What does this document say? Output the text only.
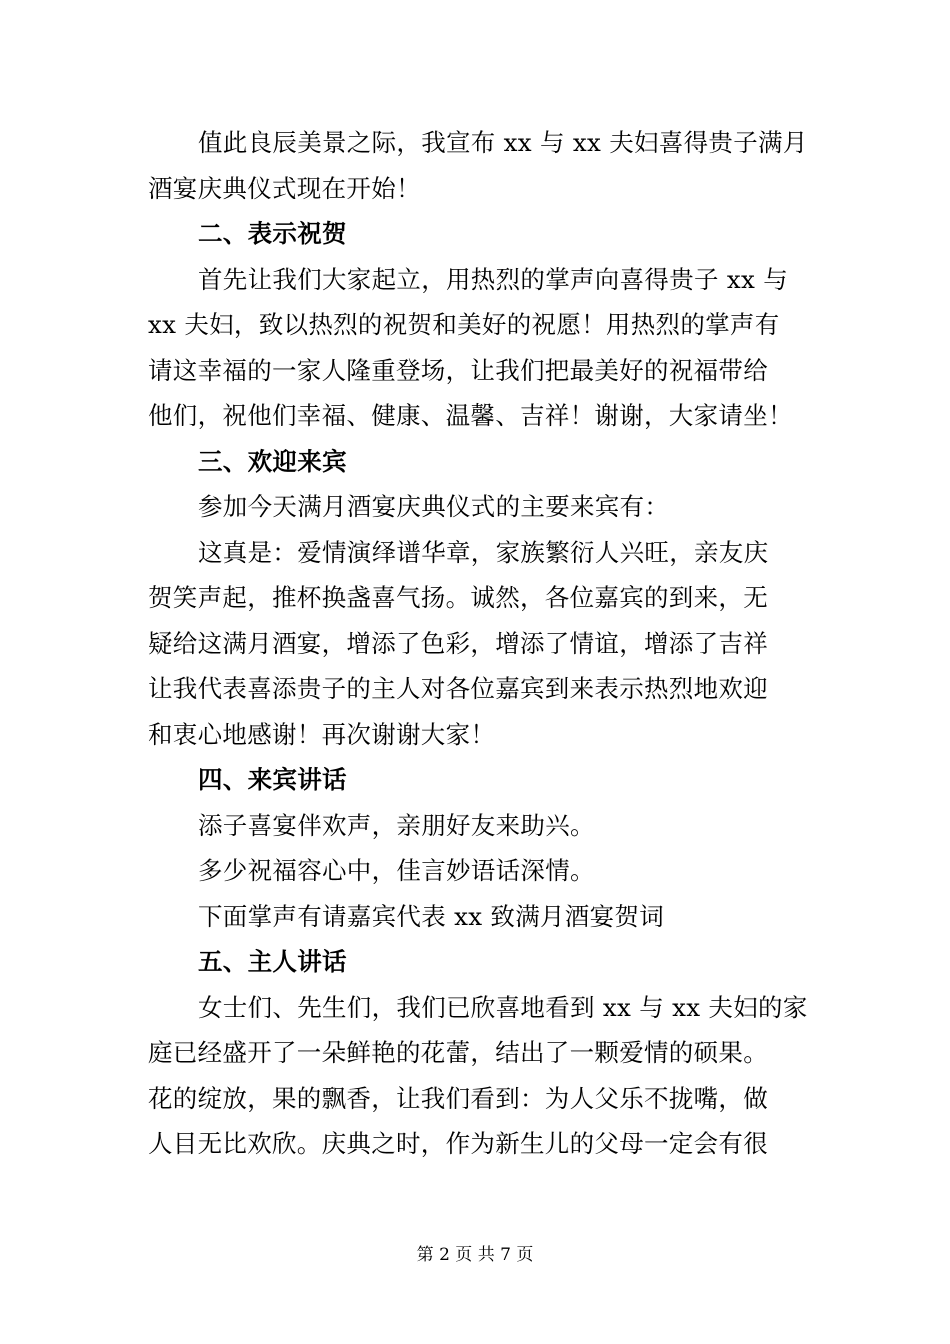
值此良辰美景之际，我宣布 xx 与 xx 夫妇喜得贵子满月
酒宴庆典仪式现在开始！
二、表示祝贺
首先让我们大家起立，用热烈的掌声向喜得贵子 xx 与
xx 夫妇，致以热烈的祝贺和美好的祝愿！用热烈的掌声有
请这幸福的一家人隆重登场，让我们把最美好的祝福带给
他们，祝他们幸福、健康、温馨、吉祥！谢谢，大家请坐！
三、欢迎来宾
参加今天满月酒宴庆典仪式的主要来宾有：
这真是：爱情演绎谱华章，家族繁衍人兴旺，亲友庆
贺笑声起，推杯换盏喜气扬。诚然，各位嘉宾的到来，无
疑给这满月酒宴，增添了色彩，增添了情谊，增添了吉祥
让我代表喜添贵子的主人对各位嘉宾到来表示热烈地欢迎
和衷心地感谢！再次谢谢大家！
四、来宾讲话
添子喜宴伴欢声，亲朋好友来助兴。
多少祝福容心中，佳言妙语话深情。
下面掌声有请嘉宾代表 xx 致满月酒宴贺词
五、主人讲话
女士们、先生们，我们已欣喜地看到 xx 与 xx 夫妇的家
庭已经盛开了一朵鲜艳的花蕾，结出了一颗爱情的硕果。
花的绽放，果的飘香，让我们看到：为人父乐不拢嘴，做
人目无比欢欣。庆典之时，作为新生儿的父母一定会有很
第 2 页 共 7 页
